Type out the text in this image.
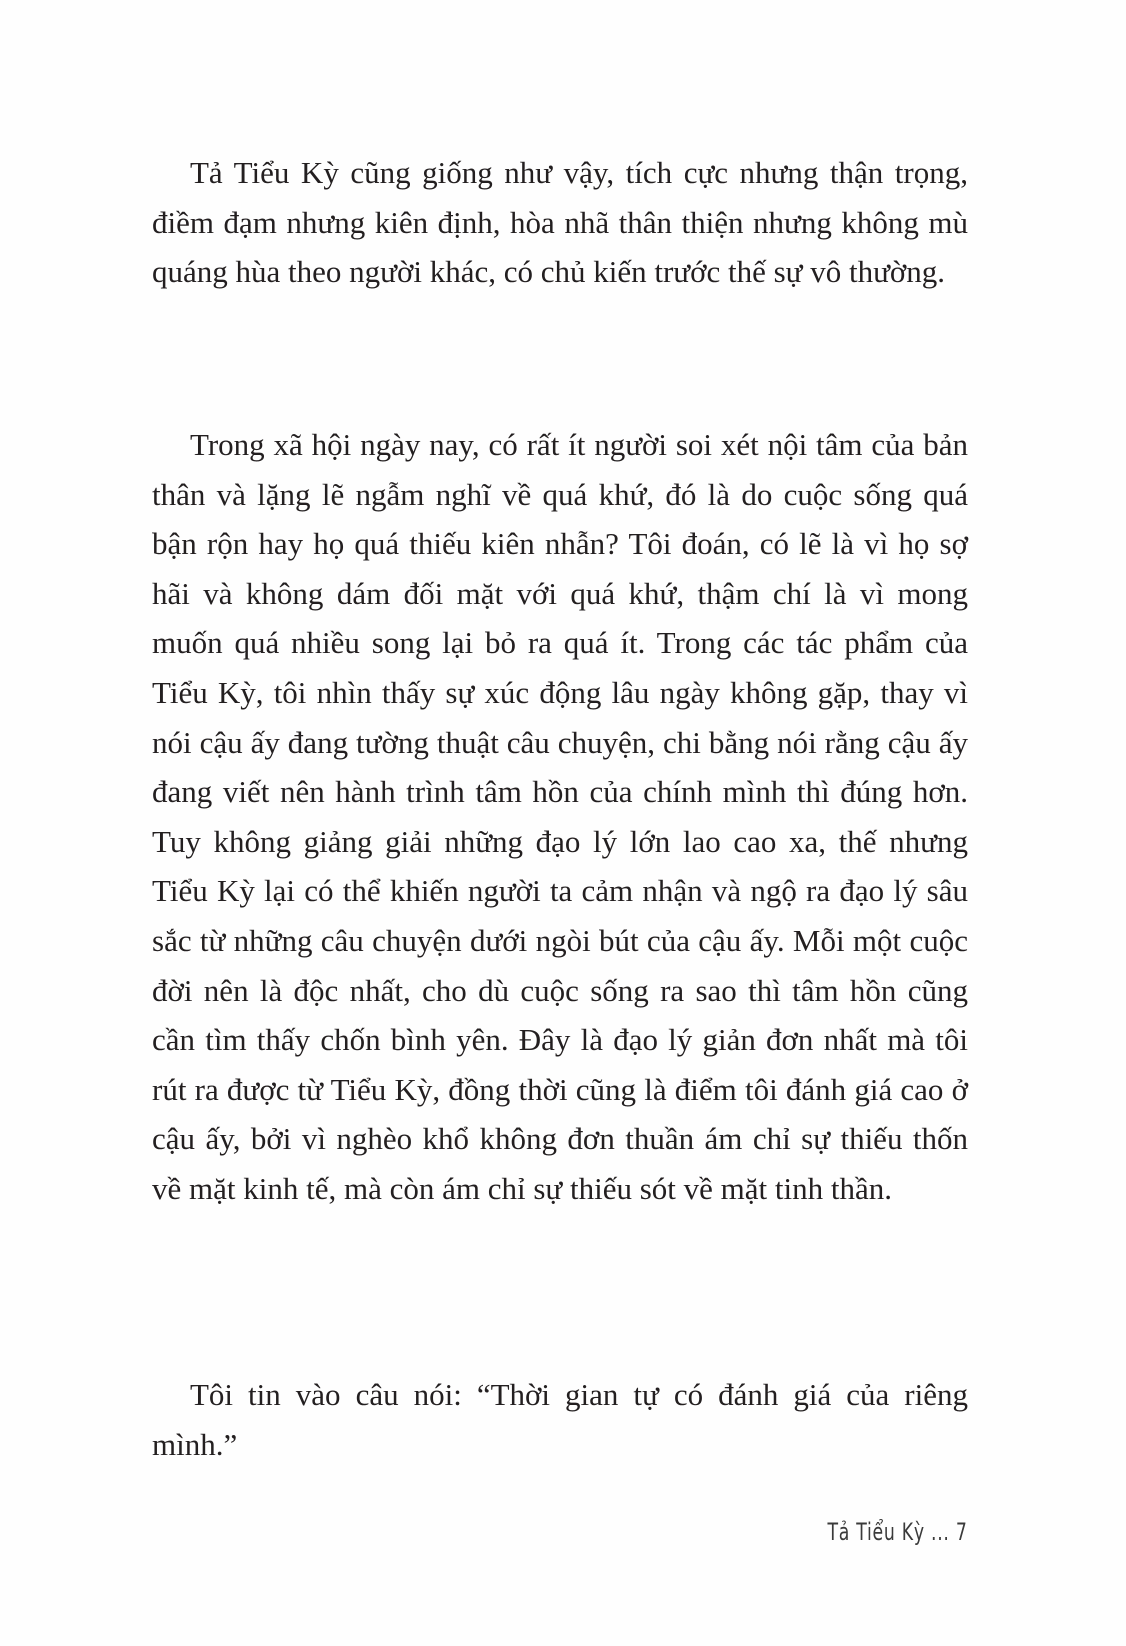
Tả Tiểu Kỳ cũng giống như vậy, tích cực nhưng thận trọng, điềm đạm nhưng kiên định, hòa nhã thân thiện nhưng không mù quáng hùa theo người khác, có chủ kiến trước thế sự vô thường.

Trong xã hội ngày nay, có rất ít người soi xét nội tâm của bản thân và lặng lẽ ngẫm nghĩ về quá khứ, đó là do cuộc sống quá bận rộn hay họ quá thiếu kiên nhẫn? Tôi đoán, có lẽ là vì họ sợ hãi và không dám đối mặt với quá khứ, thậm chí là vì mong muốn quá nhiều song lại bỏ ra quá ít. Trong các tác phẩm của Tiểu Kỳ, tôi nhìn thấy sự xúc động lâu ngày không gặp, thay vì nói cậu ấy đang tường thuật câu chuyện, chi bằng nói rằng cậu ấy đang viết nên hành trình tâm hồn của chính mình thì đúng hơn. Tuy không giảng giải những đạo lý lớn lao cao xa, thế nhưng Tiểu Kỳ lại có thể khiến người ta cảm nhận và ngộ ra đạo lý sâu sắc từ những câu chuyện dưới ngòi bút của cậu ấy. Mỗi một cuộc đời nên là độc nhất, cho dù cuộc sống ra sao thì tâm hồn cũng cần tìm thấy chốn bình yên. Đây là đạo lý giản đơn nhất mà tôi rút ra được từ Tiểu Kỳ, đồng thời cũng là điểm tôi đánh giá cao ở cậu ấy, bởi vì nghèo khổ không đơn thuần ám chỉ sự thiếu thốn về mặt kinh tế, mà còn ám chỉ sự thiếu sót về mặt tinh thần.

Tôi tin vào câu nói: “Thời gian tự có đánh giá của riêng mình.”

Tả Tiểu Kỳ ... 7
